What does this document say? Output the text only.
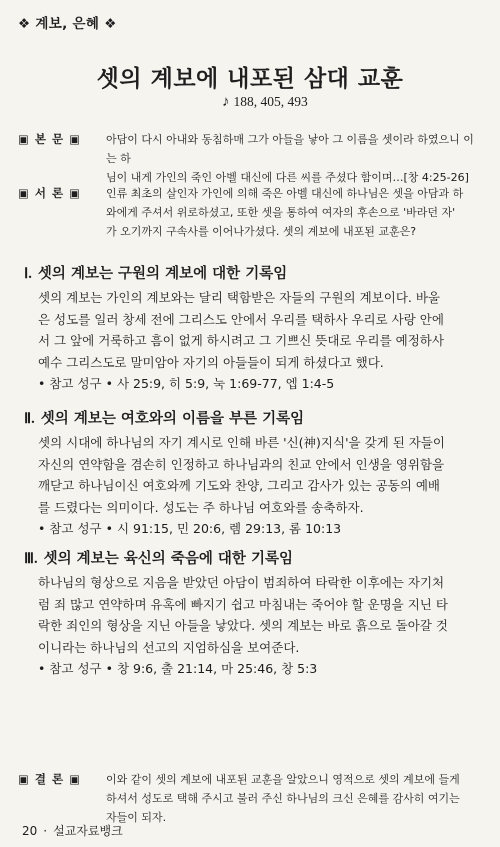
❖ 계보, 은혜 ❖
셋의 계보에 내포된 삼대 교훈
♪ 188, 405, 493
▣ 본 문 ▣ 아담이 다시 아내와 동침하매 그가 아들을 낳아 그 이름을 셋이라 하였으니 이는 하
님이 내게 가인의 죽인 아벨 대신에 다른 씨를 주셨다 함이며…[창 4:25-26]
▣ 서 론 ▣ 인류 최초의 살인자 가인에 의해 죽은 아벨 대신에 하나님은 셋을 아담과 하
와에게 주셔서 위로하셨고, 또한 셋을 통하여 여자의 후손으로 '바라던 자'
가 오기까지 구속사를 이어나가셨다. 셋의 계보에 내포된 교훈은?
Ⅰ. 셋의 계보는 구원의 계보에 대한 기록임
셋의 계보는 가인의 계보와는 달리 택함받은 자들의 구원의 계보이다. 바울
은 성도를 일러 창세 전에 그리스도 안에서 우리를 택하사 우리로 사랑 안에
서 그 앞에 거룩하고 흠이 없게 하시려고 그 기쁘신 뜻대로 우리를 예정하사
예수 그리스도로 말미암아 자기의 아들들이 되게 하셨다고 했다.
• 참고 성구 • 사 25:9, 히 5:9, 눅 1:69-77, 엡 1:4-5
Ⅱ. 셋의 계보는 여호와의 이름을 부른 기록임
셋의 시대에 하나님의 자기 계시로 인해 바른 '신(神)지식'을 갖게 된 자들이
자신의 연약함을 겸손히 인정하고 하나님과의 친교 안에서 인생을 영위함을
깨닫고 하나님이신 여호와께 기도와 찬양, 그리고 감사가 있는 공동의 예배
를 드렸다는 의미이다. 성도는 주 하나님 여호와를 송축하자.
• 참고 성구 • 시 91:15, 민 20:6, 렘 29:13, 롬 10:13
Ⅲ. 셋의 계보는 육신의 죽음에 대한 기록임
하나님의 형상으로 지음을 받았던 아담이 범죄하여 타락한 이후에는 자기처
럼 죄 많고 연약하며 유혹에 빠지기 쉽고 마침내는 죽어야 할 운명을 지닌 타
락한 죄인의 형상을 지닌 아들을 낳았다. 셋의 계보는 바로 흙으로 돌아갈 것
이니라는 하나님의 선고의 지엄하심을 보여준다.
• 참고 성구 • 창 9:6, 출 21:14, 마 25:46, 창 5:3
▣ 결 론 ▣ 이와 같이 셋의 계보에 내포된 교훈을 알았으니 영적으로 셋의 계보에 들게
하셔서 성도로 택해 주시고 불러 주신 하나님의 크신 은혜를 감사히 여기는
자들이 되자.
20 · 설교자료뱅크
